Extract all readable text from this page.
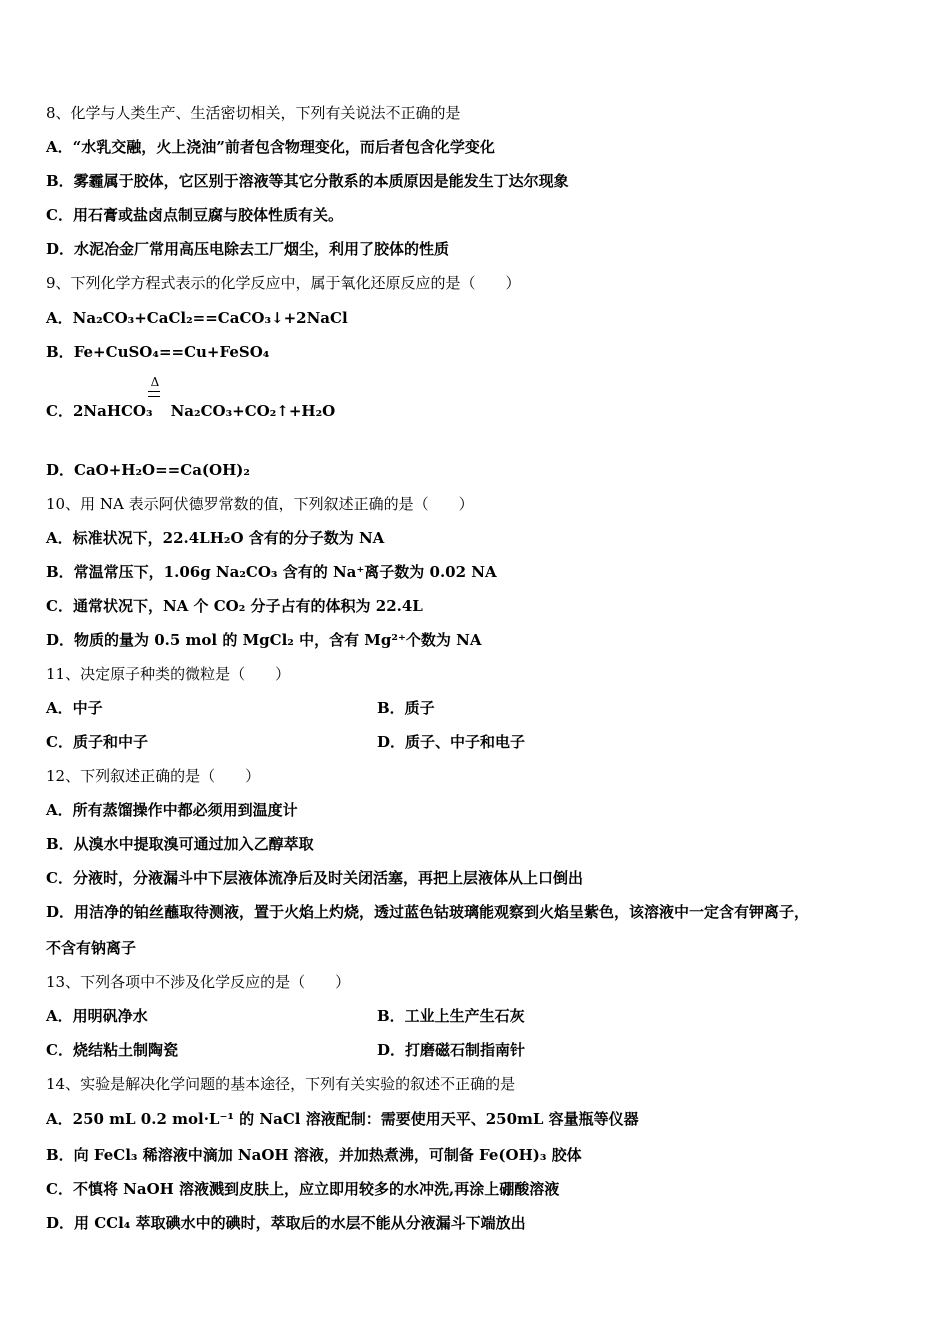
8、化学与人类生产、生活密切相关，下列有关说法不正确的是
A．“水乳交融，火上浇油”前者包含物理变化，而后者包含化学变化
B．雾霾属于胶体，它区别于溶液等其它分散系的本质原因是能发生丁达尔现象
C．用石膏或盐卤点制豆腐与胶体性质有关。
D．水泥冶金厂常用高压电除去工厂烟尘，利用了胶体的性质
9、下列化学方程式表示的化学反应中，属于氧化还原反应的是（　　）
A．Na₂CO₃+CaCl₂==CaCO₃↓+2NaCl
B．Fe+CuSO₄==Cu+FeSO₄
Δ
C．2NaHCO₃ Na₂CO₃+CO₂↑+H₂O
D．CaO+H₂O==Ca(OH)₂
10、用 NA 表示阿伏德罗常数的值，下列叙述正确的是（　　）
A．标准状况下，22.4LH₂O 含有的分子数为 NA
B．常温常压下，1.06g Na₂CO₃ 含有的 Na⁺离子数为 0.02 NA
C．通常状况下，NA 个 CO₂ 分子占有的体积为 22.4L
D．物质的量为 0.5 mol 的 MgCl₂ 中，含有 Mg²⁺个数为 NA
11、决定原子种类的微粒是（　　）
A．中子	B．质子
C．质子和中子	D．质子、中子和电子
12、下列叙述正确的是（　　）
A．所有蒸馏操作中都必须用到温度计
B．从溴水中提取溴可通过加入乙醇萃取
C．分液时，分液漏斗中下层液体流净后及时关闭活塞，再把上层液体从上口倒出
D．用洁净的铂丝蘸取待测液，置于火焰上灼烧，透过蓝色钴玻璃能观察到火焰呈紫色，该溶液中一定含有钾离子，
不含有钠离子
13、下列各项中不涉及化学反应的是（　　）
A．用明矾净水	B．工业上生产生石灰
C．烧结粘土制陶瓷	D．打磨磁石制指南针
14、实验是解决化学问题的基本途径，下列有关实验的叙述不正确的是
A．250 mL 0.2 mol·L⁻¹ 的 NaCl 溶液配制：需要使用天平、250mL 容量瓶等仪器
B．向 FeCl₃ 稀溶液中滴加 NaOH 溶液，并加热煮沸，可制备 Fe(OH)₃ 胶体
C．不慎将 NaOH 溶液溅到皮肤上，应立即用较多的水冲洗,再涂上硼酸溶液
D．用 CCl₄ 萃取碘水中的碘时，萃取后的水层不能从分液漏斗下端放出
